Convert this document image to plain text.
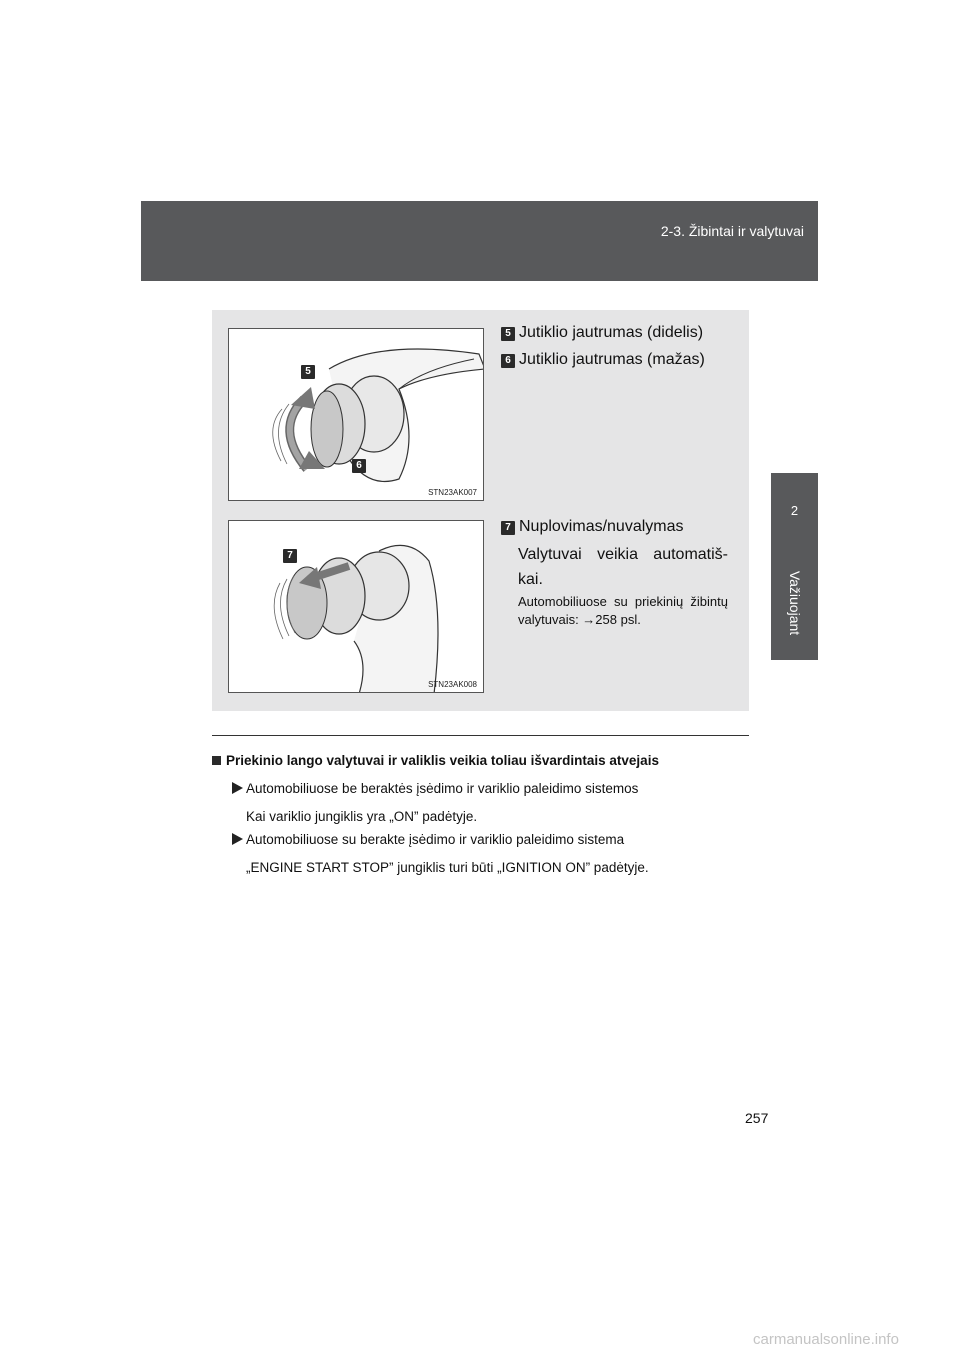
2-3. Žibintai ir valytuvai
2
Važiuojant
5
6
STN23AK007
7
STN23AK008
5 Jutiklio jautrumas (didelis)
6 Jutiklio jautrumas (mažas)
7 Nuplovimas/nuvalymas
Valytuvai veikia automatiš-kai.
Automobiliuose su priekinių žibintų valytuvais: →258 psl.
Priekinio lango valytuvai ir valiklis veikia toliau išvardintais atvejais
Automobiliuose be beraktės įsėdimo ir variklio paleidimo sistemos
Kai variklio jungiklis yra „ON” padėtyje.
Automobiliuose su berakte įsėdimo ir variklio paleidimo sistema
„ENGINE START STOP” jungiklis turi būti „IGNITION ON” padėtyje.
257
carmanualsonline.info
